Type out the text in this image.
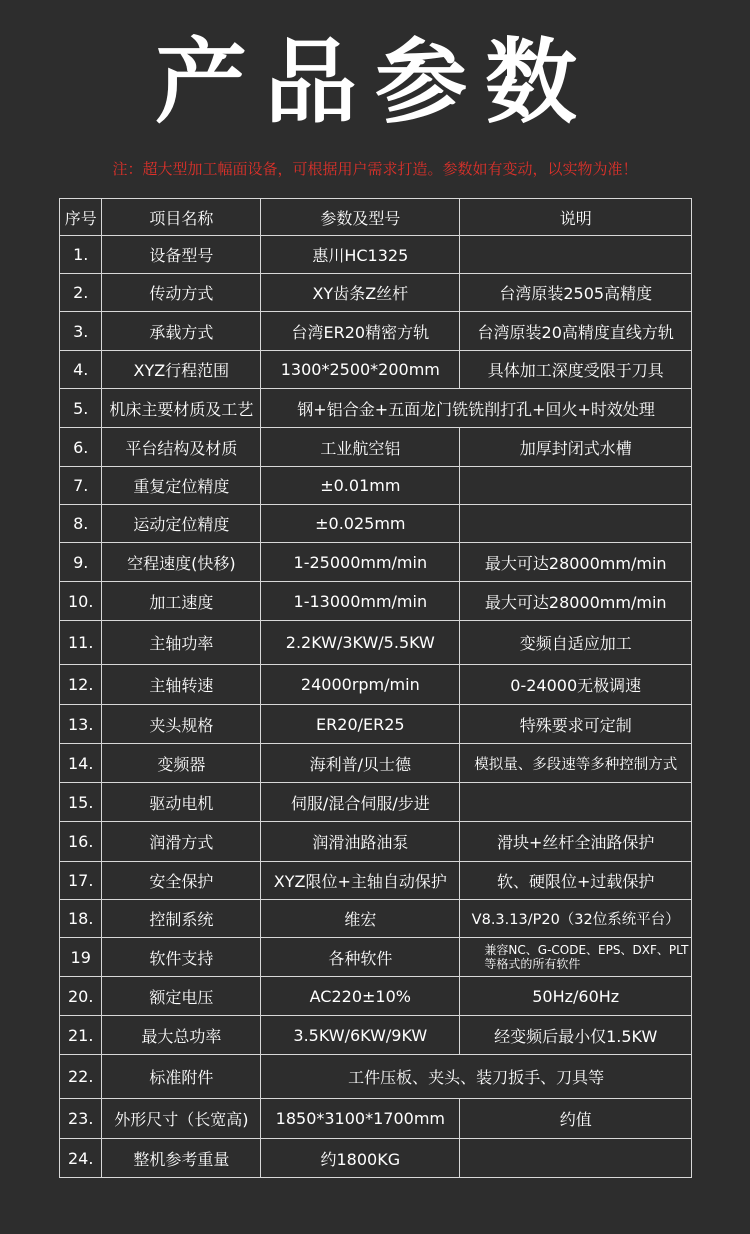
产品参数
注：超大型加工幅面设备，可根据用户需求打造。参数如有变动，以实物为准！
序号	项目名称	参数及型号	说明
1.	设备型号	惠川HC1325	
2.	传动方式	XY齿条Z丝杆	台湾原装2505高精度
3.	承载方式	台湾ER20精密方轨	台湾原装20高精度直线方轨
4.	XYZ行程范围	1300*2500*200mm	具体加工深度受限于刀具
5.	机床主要材质及工艺	钢+铝合金+五面龙门铣铣削打孔+回火+时效处理	
6.	平台结构及材质	工业航空铝	加厚封闭式水槽
7.	重复定位精度	±0.01mm	
8.	运动定位精度	±0.025mm	
9.	空程速度(快移)	1-25000mm/min	最大可达28000mm/min
10.	加工速度	1-13000mm/min	最大可达28000mm/min
11.	主轴功率	2.2KW/3KW/5.5KW	变频自适应加工
12.	主轴转速	24000rpm/min	0-24000无极调速
13.	夹头规格	ER20/ER25	特殊要求可定制
14.	变频器	海利普/贝士德	模拟量、多段速等多种控制方式
15.	驱动电机	伺服/混合伺服/步进	
16.	润滑方式	润滑油路油泵	滑块+丝杆全油路保护
17.	安全保护	XYZ限位+主轴自动保护	软、硬限位+过载保护
18.	控制系统	维宏	V8.3.13/P20（32位系统平台）
19	软件支持	各种软件	兼容NC、G-CODE、EPS、DXF、PLT等格式的所有软件
20.	额定电压	AC220±10%	50Hz/60Hz
21.	最大总功率	3.5KW/6KW/9KW	经变频后最小仅1.5KW
22.	标准附件	工件压板、夹头、装刀扳手、刀具等	
23.	外形尺寸（长宽高)	1850*3100*1700mm	约值
24.	整机参考重量	约1800KG	
